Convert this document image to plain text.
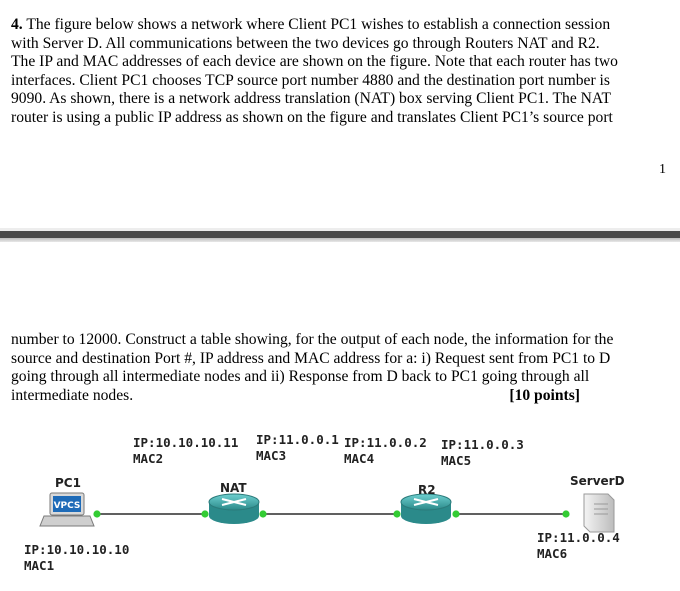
4. The figure below shows a network where Client PC1 wishes to establish a connection session
with Server D. All communications between the two devices go through Routers NAT and R2.
The IP and MAC addresses of each device are shown on the figure. Note that each router has two
interfaces. Client PC1 chooses TCP source port number 4880 and the destination port number is
9090. As shown, there is a network address translation (NAT) box serving Client PC1. The NAT
router is using a public IP address as shown on the figure and translates Client PC1’s source port
1
number to 12000. Construct a table showing, for the output of each node, the information for the
source and destination Port #, IP address and MAC address for a: i) Request sent from PC1 to D
going through all intermediate nodes and ii) Response from D back to PC1 going through all
intermediate nodes.	[10 points]
VPCS
PC1	NAT	R2
ServerD
IP:10.10.10.11
MAC2
IP:11.0.0.1
MAC3
IP:11.0.0.2
MAC4
IP:11.0.0.3
MAC5
IP:10.10.10.10
MAC1
IP:11.0.0.4
MAC6
